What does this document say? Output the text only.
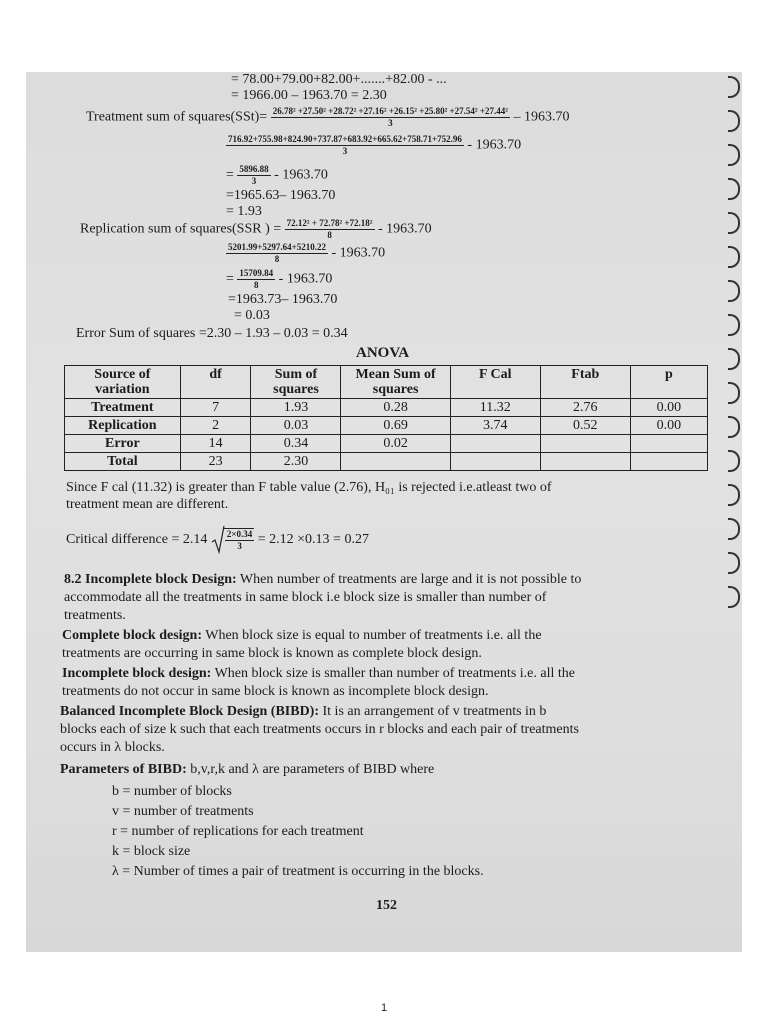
= 78.00+79.00+82.00+.......+82.00 - ...
= 1966.00 – 1963.70 = 2.30
Treatment sum of squares(SSt)= 26.78² +27.50² +28.72² +27.16² +26.15² +25.80² +27.54² +27.44²
3	– 1963.70
$\frac{716.92+755.98+824.90+737.87+683.92+665.62+758.71+752.96}{3} - 1963.70$
= $\frac{5896.88}{3} - 1963.70$
=1965.63– 1963.70
= 1.93
Replication sum of squares(SSR ) = $\frac{\text{72.12² + 72.78² +72.18²}}{8} - 1963.70$
$\frac{5201.99+5297.64+5210.22}{8} - 1963.70$
= $\frac{15709.84}{8} - 1963.70$
=1963.73– 1963.70
= 0.03
Error Sum of squares =2.30 – 1.93 – 0.03 = 0.34
ANOVA
Source of variation	df	Sum of squares	Mean Sum of squares	F Cal	Ftab	p
Treatment	7	1.93	0.28	11.32	2.76	0.00
Replication	2	0.03	0.69	3.74	0.52	0.00
Error	14	0.34	0.02			
Total	23	2.30				
Since F cal (11.32) is greater than F table value (2.76), H₀₁ is rejected i.e.atleast two of
treatment mean are different.
Critical difference = $2.14 \frac{2\times 0.34}{3} = 2.12 \times 0.13 = 0.27$
8.2 Incomplete block Design: When number of treatments are large and it is not possible to
accommodate all the treatments in same block i.e block size is smaller than number of
treatments.
Complete block design: When block size is equal to number of treatments i.e. all the
treatments are occurring in same block is known as complete block design.
Incomplete block design: When block size is smaller than number of treatments i.e. all the
treatments do not occur in same block is known as incomplete block design.
Balanced Incomplete Block Design (BIBD): It is an arrangement of v treatments in b
blocks each of size k such that each treatments occurs in r blocks and each pair of treatments
occurs in λ blocks.
Parameters of BIBD: b,v,r,k and λ are parameters of BIBD where
b = number of blocks
v = number of treatments
r = number of replications for each treatment
k = block size
λ = Number of times a pair of treatment is occurring in the blocks.
152
1
